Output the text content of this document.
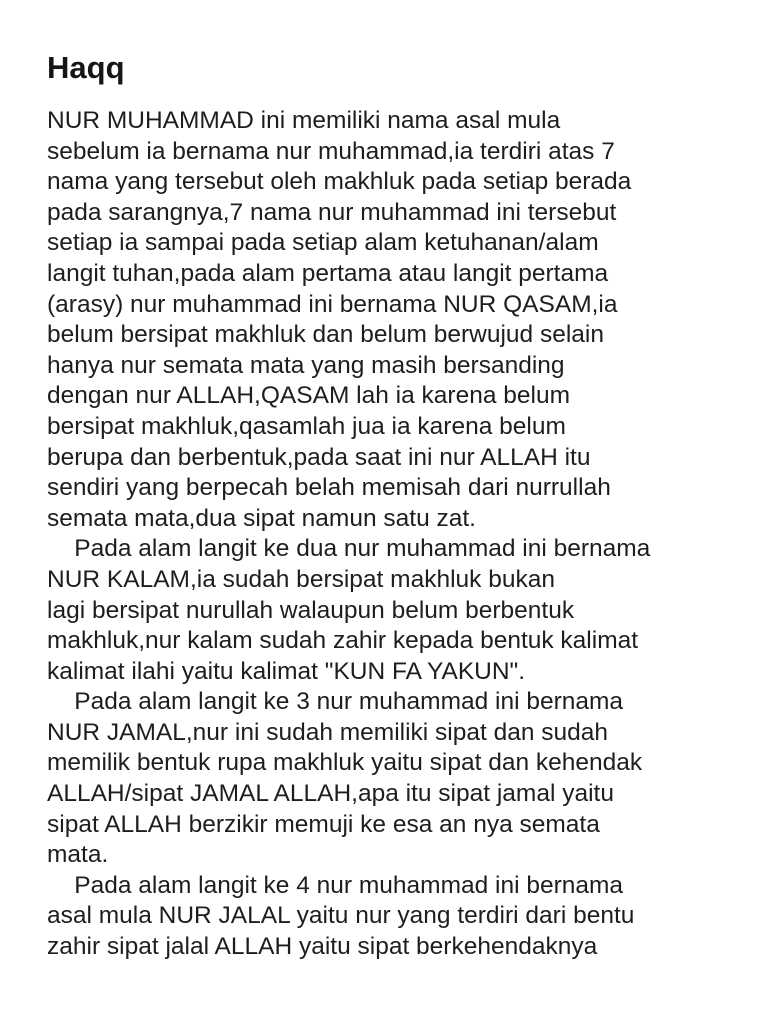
Haqq
NUR MUHAMMAD ini memiliki nama asal mula
sebelum ia bernama nur muhammad,ia terdiri atas 7
nama yang tersebut oleh makhluk pada setiap berada
pada sarangnya,7 nama nur muhammad ini tersebut
setiap ia sampai pada setiap alam ketuhanan/alam
langit tuhan,pada alam pertama atau langit pertama
(arasy) nur muhammad ini bernama NUR QASAM,ia
belum bersipat makhluk dan belum berwujud selain
hanya nur semata mata yang masih bersanding
dengan nur ALLAH,QASAM lah ia karena belum
bersipat makhluk,qasamlah jua ia karena belum
berupa dan berbentuk,pada saat ini nur ALLAH itu
sendiri yang berpecah belah memisah dari nurrullah
semata mata,dua sipat namun satu zat.
Pada alam langit ke dua nur muhammad ini bernama
NUR KALAM,ia sudah bersipat makhluk bukan
lagi bersipat nurullah walaupun belum berbentuk
makhluk,nur kalam sudah zahir kepada bentuk kalimat
kalimat ilahi yaitu kalimat "KUN FA YAKUN".
Pada alam langit ke 3 nur muhammad ini bernama
NUR JAMAL,nur ini sudah memiliki sipat dan sudah
memilik bentuk rupa makhluk yaitu sipat dan kehendak
ALLAH/sipat JAMAL ALLAH,apa itu sipat jamal yaitu
sipat ALLAH berzikir memuji ke esa an nya semata
mata.
Pada alam langit ke 4 nur muhammad ini bernama
asal mula NUR JALAL yaitu nur yang terdiri dari bentu
zahir sipat jalal ALLAH yaitu sipat berkehendaknya
